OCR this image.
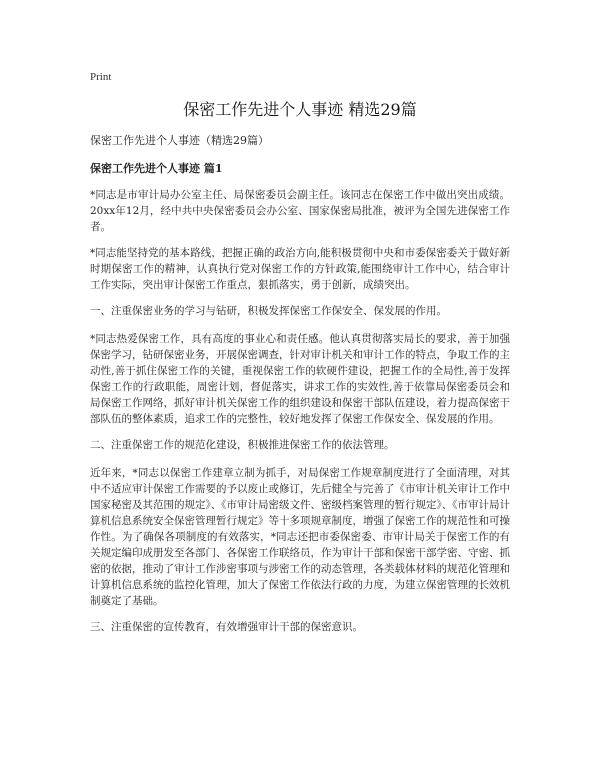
Print
保密工作先进个人事迹 精选29篇
保密工作先进个人事迹（精选29篇）
保密工作先进个人事迹 篇1

*同志是市审计局办公室主任、局保密委员会副主任。该同志在保密工作中做出突出成绩。20xx年12月，经中共中央保密委员会办公室、国家保密局批准，被评为全国先进保密工作者。

*同志能坚持党的基本路线，把握正确的政治方向,能积极贯彻中央和市委保密委关于做好新时期保密工作的精神，认真执行党对保密工作的方针政策,能围绕审计工作中心，结合审计工作实际，突出审计保密工作重点，狠抓落实，勇于创新，成绩突出。

一、注重保密业务的学习与钻研，积极发挥保密工作保安全、保发展的作用。

*同志热爱保密工作，具有高度的事业心和责任感。他认真贯彻落实局长的要求，善于加强保密学习，钻研保密业务，开展保密调查，针对审计机关和审计工作的特点，争取工作的主动性,善于抓住保密工作的关键，重视保密工作的软硬件建设，把握工作的全局性,善于发挥保密工作的行政职能，周密计划，督促落实，讲求工作的实效性,善于依靠局保密委员会和局保密工作网络，抓好审计机关保密工作的组织建设和保密干部队伍建设，着力提高保密干部队伍的整体素质，追求工作的完整性，较好地发挥了保密工作保安全、保发展的作用。

二、注重保密工作的规范化建设，积极推进保密工作的依法管理。

近年来，*同志以保密工作建章立制为抓手，对局保密工作规章制度进行了全面清理，对其中不适应审计保密工作需要的予以废止或修订，先后健全与完善了《市审计机关审计工作中国家秘密及其范围的规定》、《市审计局密级文件、密级档案管理的暂行规定》、《市审计局计算机信息系统安全保密管理暂行规定》等十多项规章制度，增强了保密工作的规范性和可操作性。为了确保各项制度的有效落实，*同志还把市委保密委、市审计局关于保密工作的有关规定编印成册发至各部门、各保密工作联络员，作为审计干部和保密干部学密、守密、抓密的依据，推动了审计工作涉密事项与涉密工作的动态管理，各类载体材料的规范化管理和计算机信息系统的监控化管理，加大了保密工作依法行政的力度，为建立保密管理的长效机制奠定了基础。

三、注重保密的宣传教育，有效增强审计干部的保密意识。
